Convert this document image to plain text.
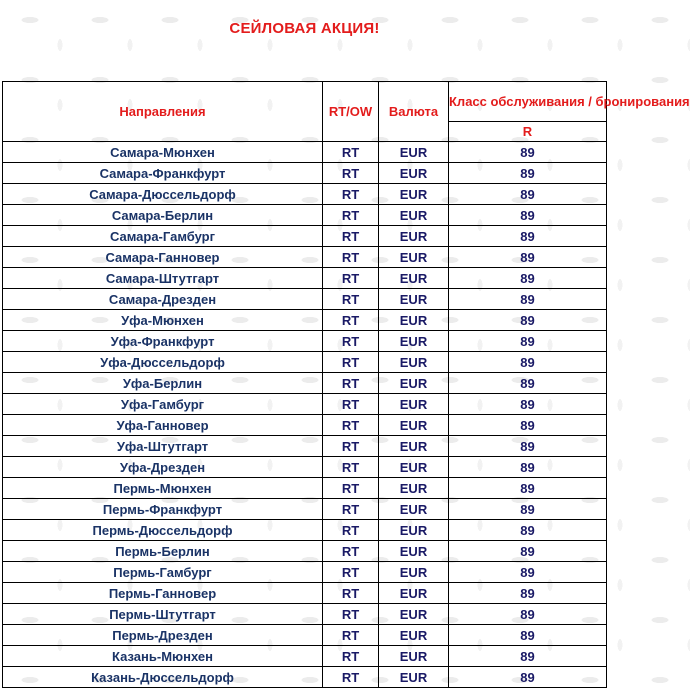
СЕЙЛОВАЯ АКЦИЯ!
Направления	RT/OW	Валюта	Класс обслуживания / бронирования
			R
Самара-Мюнхен	RT	EUR	89
Самара-Франкфурт	RT	EUR	89
Самара-Дюссельдорф	RT	EUR	89
Самара-Берлин	RT	EUR	89
Самара-Гамбург	RT	EUR	89
Самара-Ганновер	RT	EUR	89
Самара-Штутгарт	RT	EUR	89
Самара-Дрезден	RT	EUR	89
Уфа-Мюнхен	RT	EUR	89
Уфа-Франкфурт	RT	EUR	89
Уфа-Дюссельдорф	RT	EUR	89
Уфа-Берлин	RT	EUR	89
Уфа-Гамбург	RT	EUR	89
Уфа-Ганновер	RT	EUR	89
Уфа-Штутгарт	RT	EUR	89
Уфа-Дрезден	RT	EUR	89
Пермь-Мюнхен	RT	EUR	89
Пермь-Франкфурт	RT	EUR	89
Пермь-Дюссельдорф	RT	EUR	89
Пермь-Берлин	RT	EUR	89
Пермь-Гамбург	RT	EUR	89
Пермь-Ганновер	RT	EUR	89
Пермь-Штутгарт	RT	EUR	89
Пермь-Дрезден	RT	EUR	89
Казань-Мюнхен	RT	EUR	89
Казань-Дюссельдорф	RT	EUR	89
